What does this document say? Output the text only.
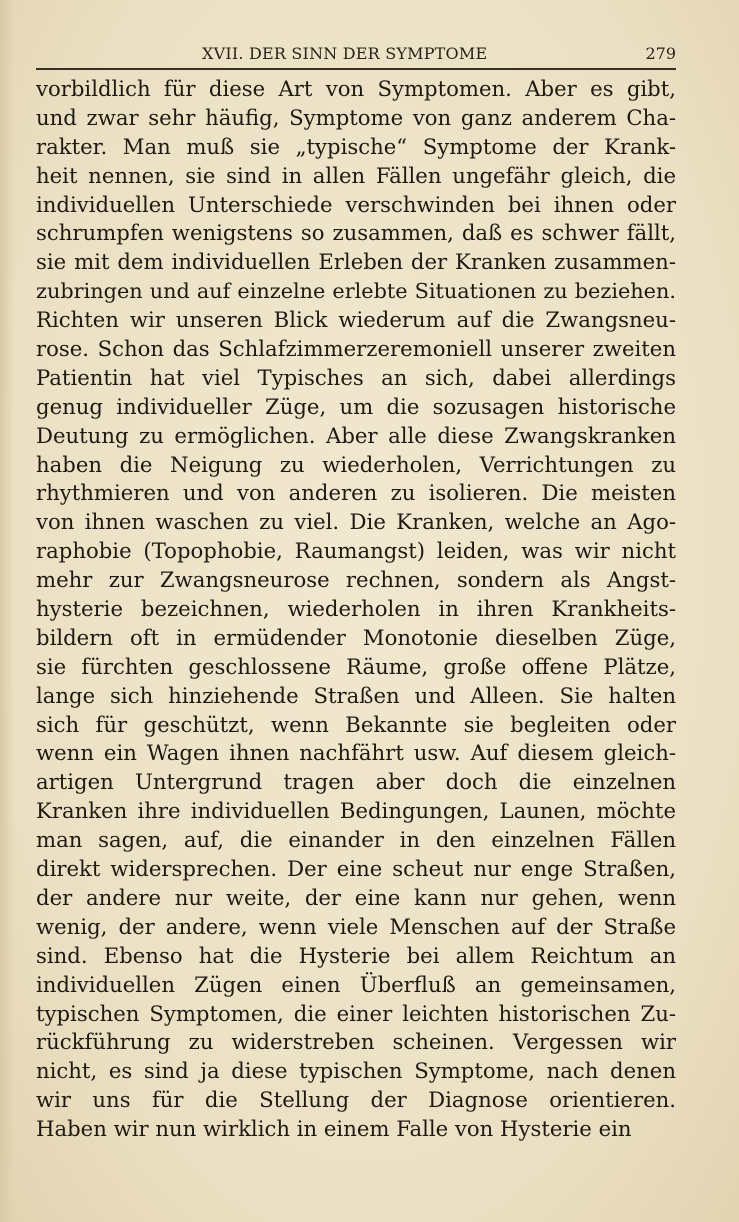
XVII. DER SINN DER SYMPTOME	279
vorbildlich für diese Art von Symptomen. Aber es gibt,
und zwar sehr häufig, Symptome von ganz anderem Cha-
rakter. Man muß sie „typische“ Symptome der Krank-
heit nennen, sie sind in allen Fällen ungefähr gleich, die
individuellen Unterschiede verschwinden bei ihnen oder
schrumpfen wenigstens so zusammen, daß es schwer fällt,
sie mit dem individuellen Erleben der Kranken zusammen-
zubringen und auf einzelne erlebte Situationen zu beziehen.
Richten wir unseren Blick wiederum auf die Zwangsneu-
rose. Schon das Schlafzimmerzeremoniell unserer zweiten
Patientin hat viel Typisches an sich, dabei allerdings
genug individueller Züge, um die sozusagen historische
Deutung zu ermöglichen. Aber alle diese Zwangskranken
haben die Neigung zu wiederholen, Verrichtungen zu
rhythmieren und von anderen zu isolieren. Die meisten
von ihnen waschen zu viel. Die Kranken, welche an Ago-
raphobie (Topophobie, Raumangst) leiden, was wir nicht
mehr zur Zwangsneurose rechnen, sondern als Angst-
hysterie bezeichnen, wiederholen in ihren Krankheits-
bildern oft in ermüdender Monotonie dieselben Züge,
sie fürchten geschlossene Räume, große offene Plätze,
lange sich hinziehende Straßen und Alleen. Sie halten
sich für geschützt, wenn Bekannte sie begleiten oder
wenn ein Wagen ihnen nachfährt usw. Auf diesem gleich-
artigen Untergrund tragen aber doch die einzelnen
Kranken ihre individuellen Bedingungen, Launen, möchte
man sagen, auf, die einander in den einzelnen Fällen
direkt widersprechen. Der eine scheut nur enge Straßen,
der andere nur weite, der eine kann nur gehen, wenn
wenig, der andere, wenn viele Menschen auf der Straße
sind. Ebenso hat die Hysterie bei allem Reichtum an
individuellen Zügen einen Überfluß an gemeinsamen,
typischen Symptomen, die einer leichten historischen Zu-
rückführung zu widerstreben scheinen. Vergessen wir
nicht, es sind ja diese typischen Symptome, nach denen
wir uns für die Stellung der Diagnose orientieren.
Haben wir nun wirklich in einem Falle von Hysterie ein
